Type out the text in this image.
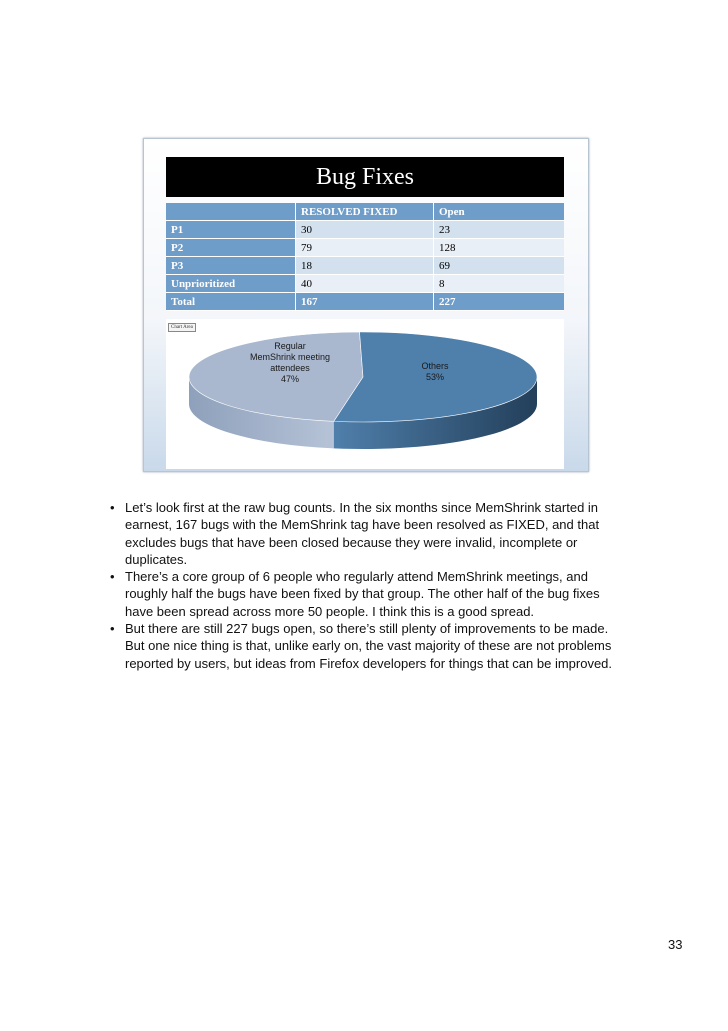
Bug Fixes
	RESOLVED FIXED	Open
P1	30	23
P2	79	128
P3	18	69
Unprioritized	40	8
Total	167	227
Chart Area
Regular
MemShrink meeting
attendees
47%
Others
53%
• Let’s look first at the raw bug counts. In the six months since MemShrink started in earnest, 167 bugs with the MemShrink tag have been resolved as FIXED, and that excludes bugs that have been closed because they were invalid, incomplete or duplicates.
• There’s a core group of 6 people who regularly attend MemShrink meetings, and roughly half the bugs have been fixed by that group. The other half of the bug fixes have been spread across more 50 people. I think this is a good spread.
• But there are still 227 bugs open, so there’s still plenty of improvements to be made. But one nice thing is that, unlike early on, the vast majority of these are not problems reported by users, but ideas from Firefox developers for things that can be improved.
33
